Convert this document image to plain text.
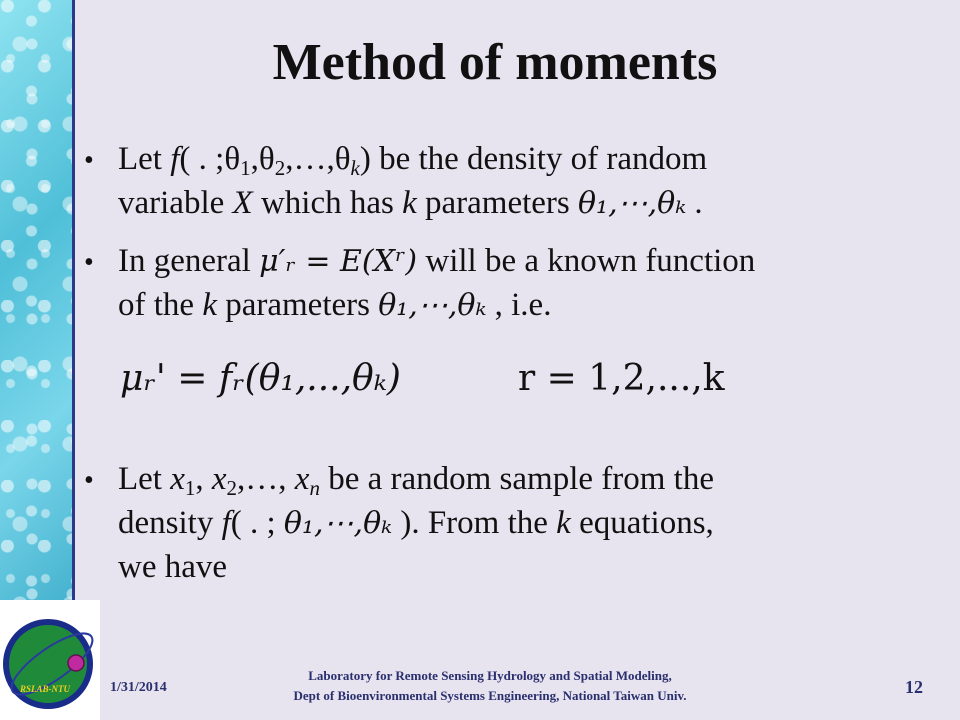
Method of moments
• Let f( . $;\theta_1,\theta_2,\dots,\theta_k$) be the density of random
variable X which has k parameters θ₁,⋯,θₖ .
• In general μ′ᵣ = E(Xʳ) will be a known function
of the k parameters θ₁,⋯,θₖ , i.e.
μᵣ' = fᵣ(θ₁,...,θₖ)	r = 1,2,...,k
• Let $x_1$, $x_2,\dots$, $x_n$ be a random sample from the
density f( . ; θ₁,⋯,θₖ ). From the k equations,
we have
RSLAB-NTU	1/31/2014
Laboratory for Remote Sensing Hydrology and Spatial Modeling,
Dept of Bioenvironmental Systems Engineering, National Taiwan Univ.	12
